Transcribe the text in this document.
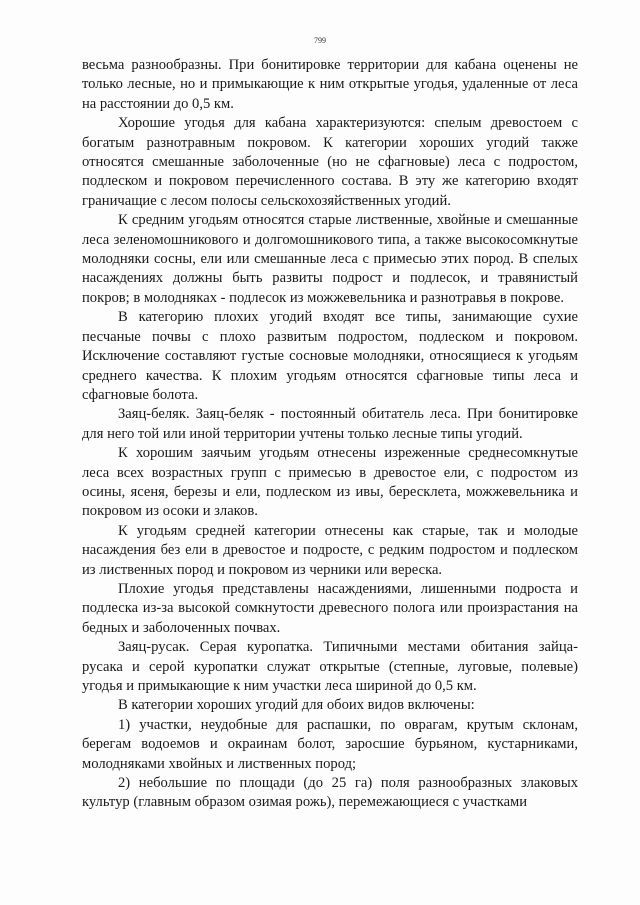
799

весьма разнообразны. При бонитировке территории для кабана оценены не только лесные, но и примыкающие к ним открытые угодья, удаленные от леса на расстоянии до 0,5 км.

Хорошие угодья для кабана характеризуются: спелым древостоем с богатым разнотравным покровом. К категории хороших угодий также относятся смешанные заболоченные (но не сфагновые) леса с подростом, подлеском и покровом перечисленного состава. В эту же категорию входят граничащие с лесом полосы сельскохозяйственных угодий.

К средним угодьям относятся старые лиственные, хвойные и смешанные леса зеленомошникового и долгомошникового типа, а также высокосомкнутые молодняки сосны, ели или смешанные леса с примесью этих пород. В спелых насаждениях должны быть развиты подрост и подлесок, и травянистый покров; в молодняках - подлесок из можжевельника и разнотравья в покрове.

В категорию плохих угодий входят все типы, занимающие сухие песчаные почвы с плохо развитым подростом, подлеском и покровом. Исключение составляют густые сосновые молодняки, относящиеся к угодьям среднего качества. К плохим угодьям относятся сфагновые типы леса и сфагновые болота.

Заяц-беляк. Заяц-беляк - постоянный обитатель леса. При бонитировке для него той или иной территории учтены только лесные типы угодий.

К хорошим заячьим угодьям отнесены изреженные среднесомкнутые леса всех возрастных групп с примесью в древостое ели, с подростом из осины, ясеня, березы и ели, подлеском из ивы, бересклета, можжевельника и покровом из осоки и злаков.

К угодьям средней категории отнесены как старые, так и молодые насаждения без ели в древостое и подросте, с редким подростом и подлеском из лиственных пород и покровом из черники или вереска.

Плохие угодья представлены насаждениями, лишенными подроста и подлеска из-за высокой сомкнутости древесного полога или произрастания на бедных и заболоченных почвах.

Заяц-русак. Серая куропатка. Типичными местами обитания зайца-русака и серой куропатки служат открытые (степные, луговые, полевые) угодья и примыкающие к ним участки леса шириной до 0,5 км.

В категории хороших угодий для обоих видов включены:

1) участки, неудобные для распашки, по оврагам, крутым склонам, берегам водоемов и окраинам болот, заросшие бурьяном, кустарниками, молодняками хвойных и лиственных пород;

2) небольшие по площади (до 25 га) поля разнообразных злаковых культур (главным образом озимая рожь), перемежающиеся с участками
